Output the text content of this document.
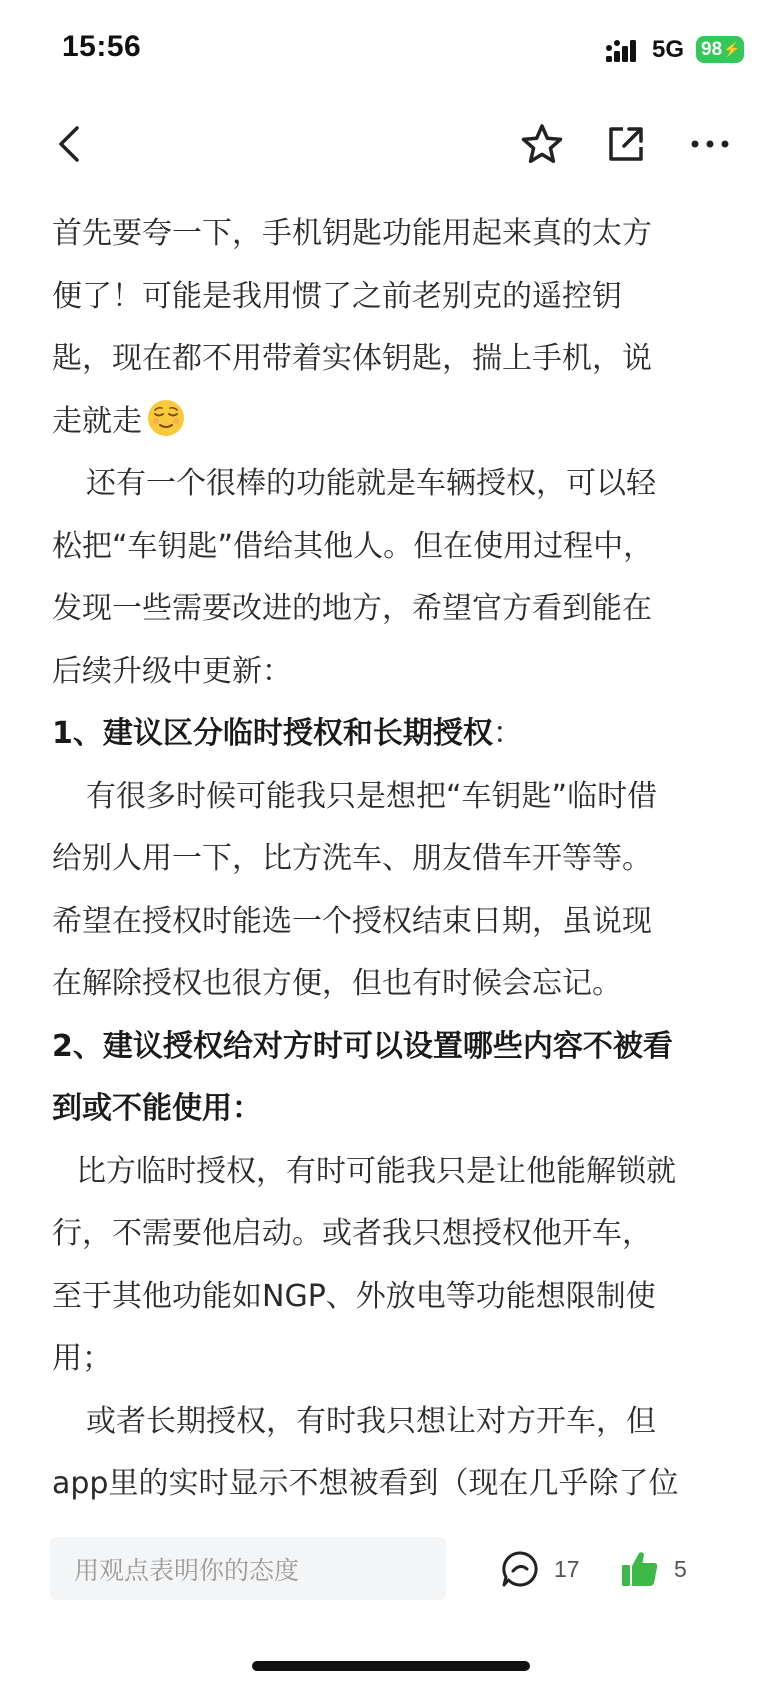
15:56	5G 98 ⚡
首先要夸一下，手机钥匙功能用起来真的太方
便了！可能是我用惯了之前老别克的遥控钥
匙，现在都不用带着实体钥匙，揣上手机，说
走就走
还有一个很棒的功能就是车辆授权，可以轻
松把“车钥匙”借给其他人。但在使用过程中，
发现一些需要改进的地方，希望官方看到能在
后续升级中更新：
1、建议区分临时授权和长期授权：
有很多时候可能我只是想把“车钥匙”临时借
给别人用一下，比方洗车、朋友借车开等等。
希望在授权时能选一个授权结束日期，虽说现
在解除授权也很方便，但也有时候会忘记。
2、建议授权给对方时可以设置哪些内容不被看
到或不能使用：
比方临时授权，有时可能我只是让他能解锁就
行，不需要他启动。或者我只想授权他开车，
至于其他功能如NGP、外放电等功能想限制使
用；
或者长期授权，有时我只想让对方开车，但
app里的实时显示不想被看到（现在几乎除了位
用观点表明你的态度	17	5
